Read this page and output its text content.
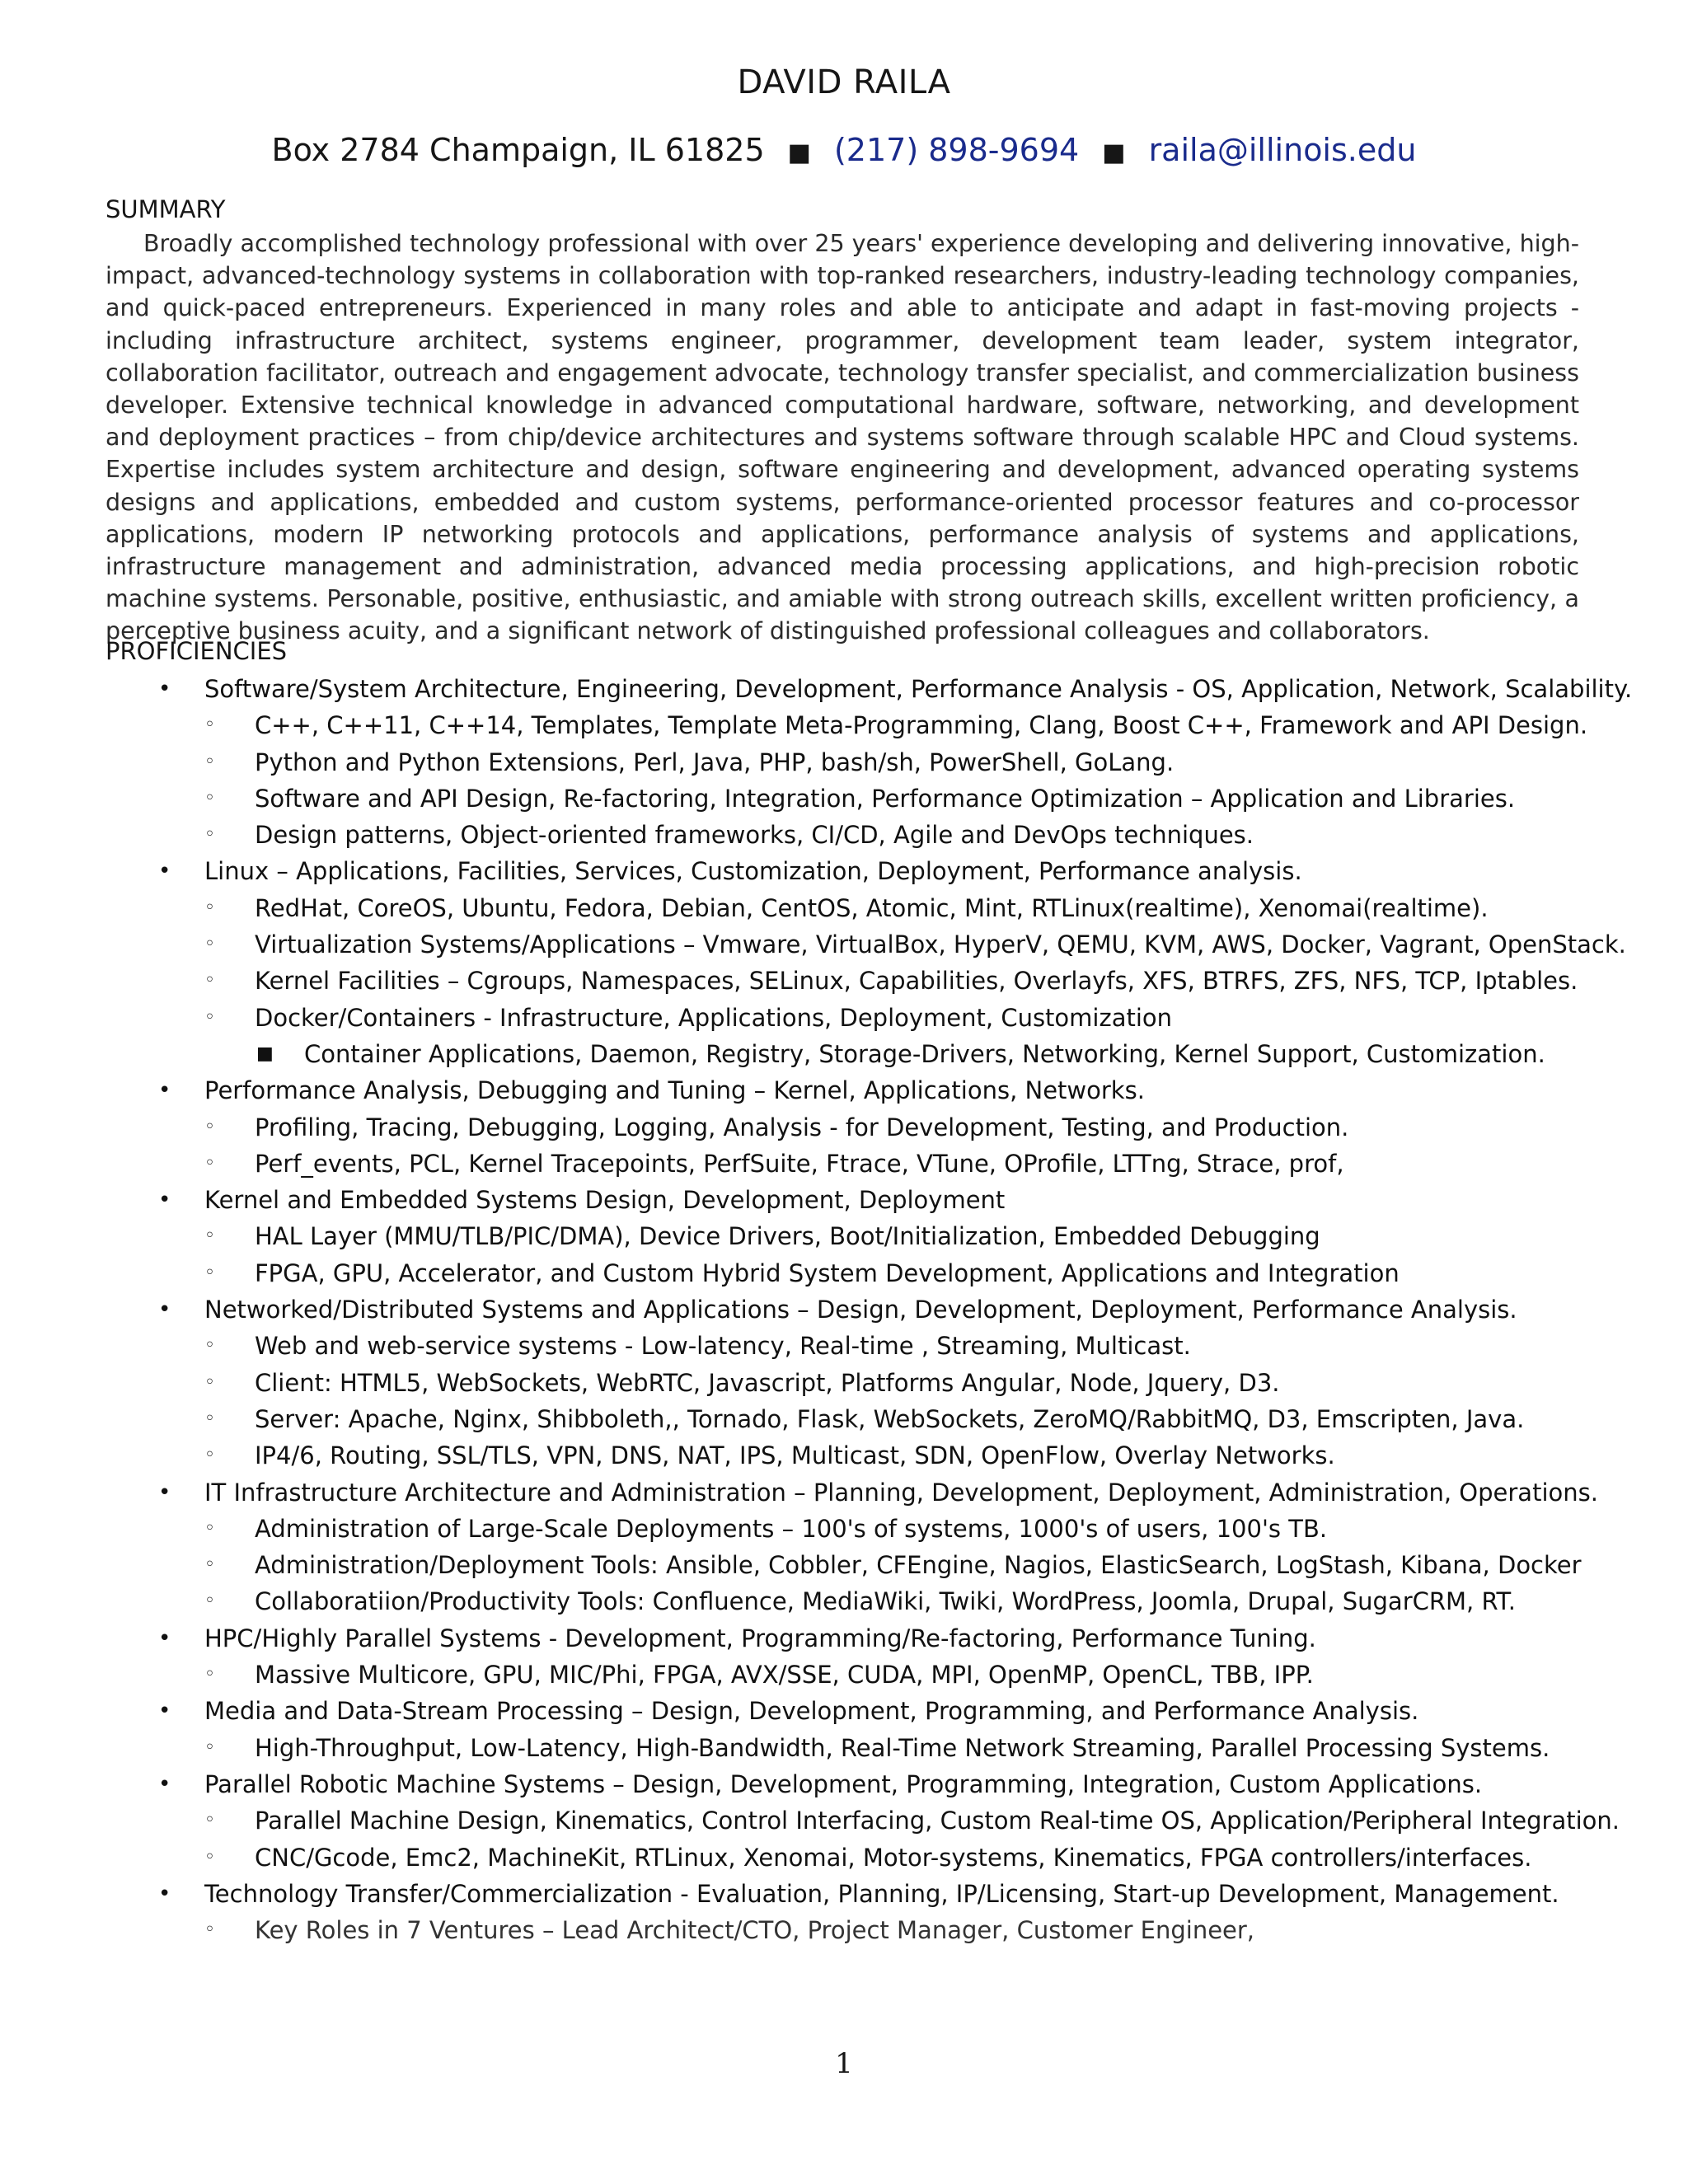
DAVID RAILA
Box 2784 Champaign, IL 61825 ■ (217) 898-9694 ■ raila@illinois.edu
SUMMARY

Broadly accomplished technology professional with over 25 years' experience developing and delivering innovative, high-impact, advanced-technology systems in collaboration with top-ranked researchers, industry-leading technology companies, and quick-paced entrepreneurs. Experienced in many roles and able to anticipate and adapt in fast-moving projects - including infrastructure architect, systems engineer, programmer, development team leader, system integrator, collaboration facilitator, outreach and engagement advocate, technology transfer specialist, and commercialization business developer. Extensive technical knowledge in advanced computational hardware, software, networking, and development and deployment practices – from chip/device architectures and systems software through scalable HPC and Cloud systems. Expertise includes system architecture and design, software engineering and development, advanced operating systems designs and applications, embedded and custom systems, performance-oriented processor features and co-processor applications, modern IP networking protocols and applications, performance analysis of systems and applications, infrastructure management and administration, advanced media processing applications, and high-precision robotic machine systems. Personable, positive, enthusiastic, and amiable with strong outreach skills, excellent written proficiency, a perceptive business acuity, and a significant network of distinguished professional colleagues and collaborators.

PROFICIENCIES
• Software/System Architecture, Engineering, Development, Performance Analysis - OS, Application, Network, Scalability.
◦ C++, C++11, C++14, Templates, Template Meta-Programming, Clang, Boost C++, Framework and API Design.
◦ Python and Python Extensions, Perl, Java, PHP, bash/sh, PowerShell, GoLang.
◦ Software and API Design, Re-factoring, Integration, Performance Optimization – Application and Libraries.
◦ Design patterns, Object-oriented frameworks, CI/CD, Agile and DevOps techniques.
• Linux – Applications, Facilities, Services, Customization, Deployment, Performance analysis.
◦ RedHat, CoreOS, Ubuntu, Fedora, Debian, CentOS, Atomic, Mint, RTLinux(realtime), Xenomai(realtime).
◦ Virtualization Systems/Applications – Vmware, VirtualBox, HyperV, QEMU, KVM, AWS, Docker, Vagrant, OpenStack.
◦ Kernel Facilities – Cgroups, Namespaces, SELinux, Capabilities, Overlayfs, XFS, BTRFS, ZFS, NFS, TCP, Iptables.
◦ Docker/Containers - Infrastructure, Applications, Deployment, Customization
■ Container Applications, Daemon, Registry, Storage-Drivers, Networking, Kernel Support, Customization.
• Performance Analysis, Debugging and Tuning – Kernel, Applications, Networks.
◦ Profiling, Tracing, Debugging, Logging, Analysis - for Development, Testing, and Production.
◦ Perf_events, PCL, Kernel Tracepoints, PerfSuite, Ftrace, VTune, OProfile, LTTng, Strace, prof,
• Kernel and Embedded Systems Design, Development, Deployment
◦ HAL Layer (MMU/TLB/PIC/DMA), Device Drivers, Boot/Initialization, Embedded Debugging
◦ FPGA, GPU, Accelerator, and Custom Hybrid System Development, Applications and Integration
• Networked/Distributed Systems and Applications – Design, Development, Deployment, Performance Analysis.
◦ Web and web-service systems - Low-latency, Real-time , Streaming, Multicast.
◦ Client: HTML5, WebSockets, WebRTC, Javascript, Platforms Angular, Node, Jquery, D3.
◦ Server: Apache, Nginx, Shibboleth,, Tornado, Flask, WebSockets, ZeroMQ/RabbitMQ, D3, Emscripten, Java.
◦ IP4/6, Routing, SSL/TLS, VPN, DNS, NAT, IPS, Multicast, SDN, OpenFlow, Overlay Networks.
• IT Infrastructure Architecture and Administration – Planning, Development, Deployment, Administration, Operations.
◦ Administration of Large-Scale Deployments – 100's of systems, 1000's of users, 100's TB.
◦ Administration/Deployment Tools: Ansible, Cobbler, CFEngine, Nagios, ElasticSearch, LogStash, Kibana, Docker
◦ Collaboratiion/Productivity Tools: Confluence, MediaWiki, Twiki, WordPress, Joomla, Drupal, SugarCRM, RT.
• HPC/Highly Parallel Systems - Development, Programming/Re-factoring, Performance Tuning.
◦ Massive Multicore, GPU, MIC/Phi, FPGA, AVX/SSE, CUDA, MPI, OpenMP, OpenCL, TBB, IPP.
• Media and Data-Stream Processing – Design, Development, Programming, and Performance Analysis.
◦ High-Throughput, Low-Latency, High-Bandwidth, Real-Time Network Streaming, Parallel Processing Systems.
• Parallel Robotic Machine Systems – Design, Development, Programming, Integration, Custom Applications.
◦ Parallel Machine Design, Kinematics, Control Interfacing, Custom Real-time OS, Application/Peripheral Integration.
◦ CNC/Gcode, Emc2, MachineKit, RTLinux, Xenomai, Motor-systems, Kinematics, FPGA controllers/interfaces.
• Technology Transfer/Commercialization - Evaluation, Planning, IP/Licensing, Start-up Development, Management.
◦ Key Roles in 7 Ventures – Lead Architect/CTO, Project Manager, Customer Engineer,
1
